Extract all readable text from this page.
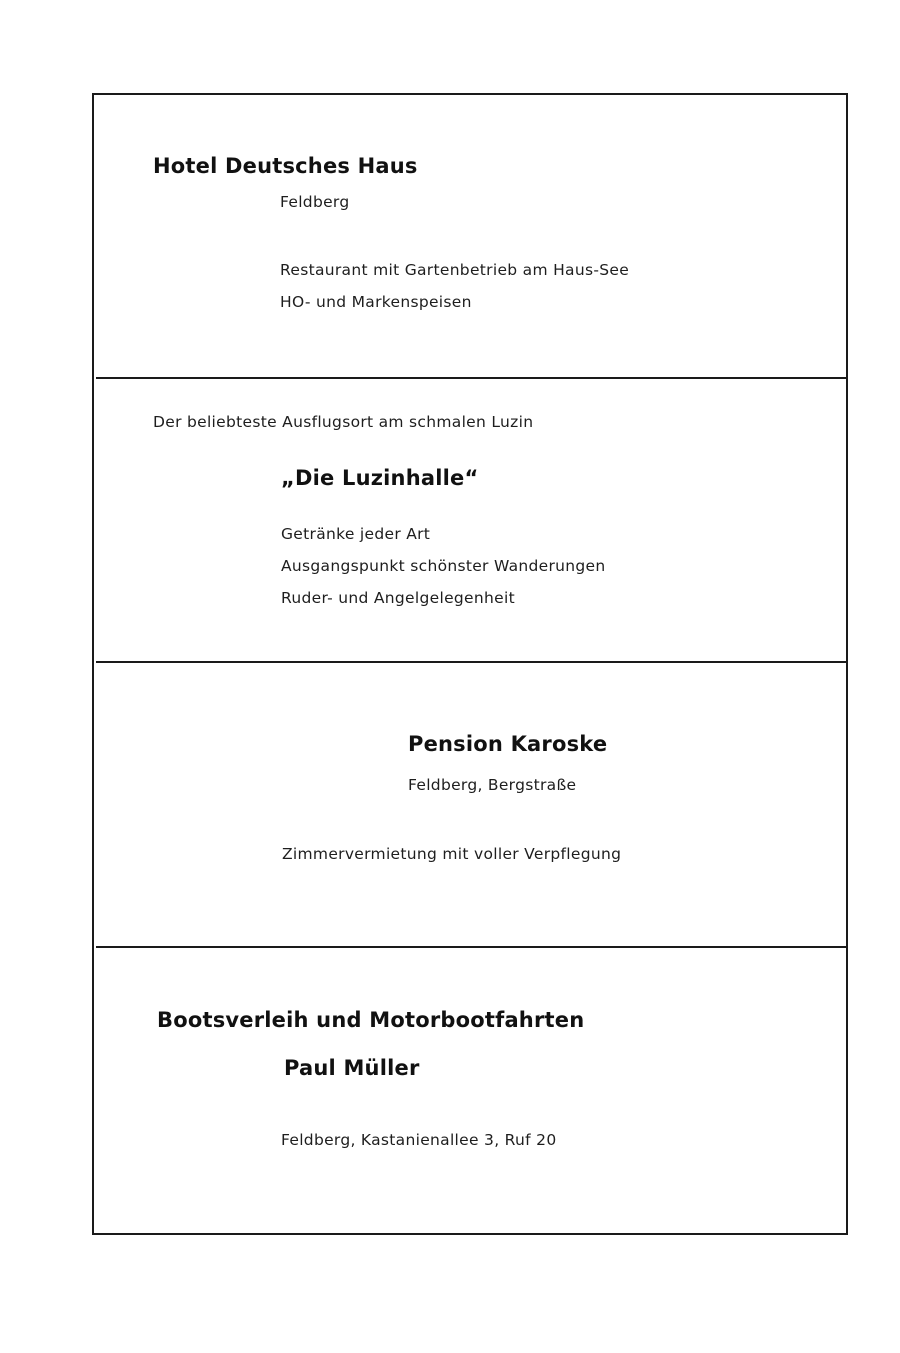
Hotel Deutsches Haus

Feldberg

Restaurant mit Gartenbetrieb am Haus-See

HO- und Markenspeisen

Der beliebteste Ausflugsort am schmalen Luzin

„Die Luzinhalle“

Getränke jeder Art

Ausgangspunkt schönster Wanderungen

Ruder- und Angelgelegenheit

Pension Karoske

Feldberg, Bergstraße

Zimmervermietung mit voller Verpflegung

Bootsverleih und Motorbootfahrten

Paul Müller

Feldberg, Kastanienallee 3, Ruf 20
